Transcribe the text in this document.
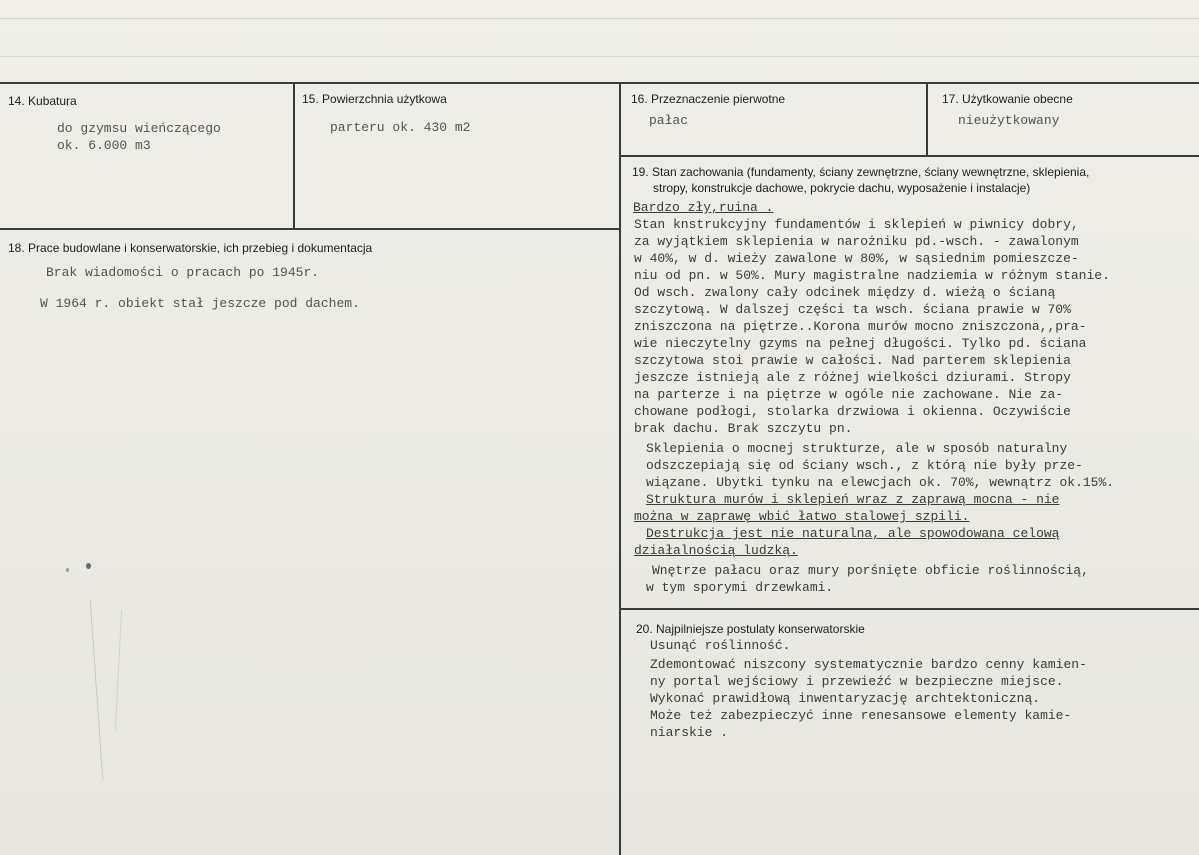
14. Kubatura
do gzymsu wieńczącego
ok. 6.000 m3
15. Powierzchnia użytkowa
parteru ok. 430 m2
16. Przeznaczenie pierwotne
pałac
17. Użytkowanie obecne
nieużytkowany
18. Prace budowlane i konserwatorskie, ich przebieg i dokumentacja
Brak wiadomości o pracach po 1945r.
W 1964 r. obiekt stał jeszcze pod dachem.
19. Stan zachowania (fundamenty, ściany zewnętrzne, ściany wewnętrzne, sklepienia,
stropy, konstrukcje dachowe, pokrycie dachu, wyposażenie i instalacje)
Bardzo zły,ruina .
Stan knstrukcyjny fundamentów i sklepień w piwnicy dobry,
za wyjątkiem sklepienia w narożniku pd.-wsch. - zawalonym
w 40%, w d. wieży zawalone w 80%, w sąsiednim pomieszcze-
niu od pn. w 50%. Mury magistralne nadziemia w różnym stanie.
Od wsch. zwalony cały odcinek między d. wieżą o ścianą
szczytową. W dalszej części ta wsch. ściana prawie w 70%
zniszczona na piętrze..Korona murów mocno zniszczona,,pra-
wie nieczytelny gzyms na pełnej długości. Tylko pd. ściana
szczytowa stoi prawie w całości. Nad parterem sklepienia
jeszcze istnieją ale z różnej wielkości dziurami. Stropy
na parterze i na piętrze w ogóle nie zachowane. Nie za-
chowane podłogi, stolarka drzwiowa i okienna. Oczywiście
brak dachu. Brak szczytu pn.
Sklepienia o mocnej strukturze, ale w sposób naturalny
odszczepiają się od ściany wsch., z którą nie były prze-
wiązane. Ubytki tynku na elewcjach ok. 70%, wewnątrz ok.15%.
Struktura murów i sklepień wraz z zaprawą mocna - nie
można w zaprawę wbić łatwo stalowej szpili.
Destrukcja jest nie naturalna, ale spowodowana celową
działalnością ludzką.
Wnętrze pałacu oraz mury porśnięte obficie roślinnością,
w tym sporymi drzewkami.
20. Najpilniejsze postulaty konserwatorskie
Usunąć roślinność.
Zdemontować niszcony systematycznie bardzo cenny kamien-
ny portal wejściowy i przewieźć w bezpieczne miejsce.
Wykonać prawidłową inwentaryzację archtektoniczną.
Może też zabezpieczyć inne renesansowe elementy kamie-
niarskie .
